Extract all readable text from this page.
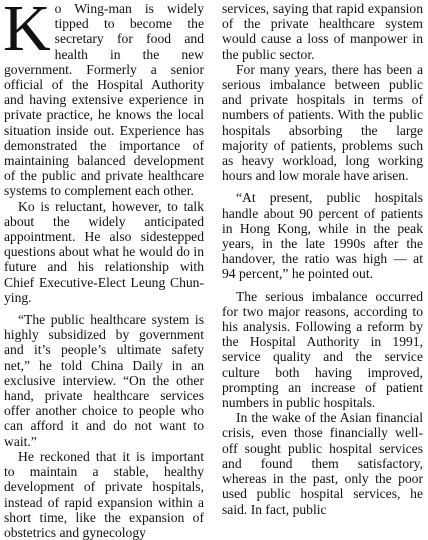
Ko Wing-man is widely tipped to become the secretary for food and health in the new government. Formerly a senior official of the Hospital Authority and having extensive experience in private practice, he knows the local situation inside out. Experience has demonstrated the importance of maintaining balanced development of the public and private healthcare systems to complement each other.

Ko is reluctant, however, to talk about the widely anticipated appointment. He also sidestepped questions about what he would do in future and his relationship with Chief Executive-Elect Leung Chun-ying.

“The public healthcare system is highly subsidized by government and it’s people’s ultimate safety net,” he told China Daily in an exclusive interview. “On the other hand, private healthcare services offer another choice to people who can afford it and do not want to wait.”

He reckoned that it is important to maintain a stable, healthy development of private hospitals, instead of rapid expansion within a short time, like the expansion of obstetrics and gynecology

services, saying that rapid expansion of the private healthcare system would cause a loss of manpower in the public sector.

For many years, there has been a serious imbalance between public and private hospitals in terms of numbers of patients. With the public hospitals absorbing the large majority of patients, problems such as heavy workload, long working hours and low morale have arisen.

“At present, public hospitals handle about 90 percent of patients in Hong Kong, while in the peak years, in the late 1990s after the handover, the ratio was high — at 94 percent,” he pointed out.

The serious imbalance occurred for two major reasons, according to his analysis. Following a reform by the Hospital Authority in 1991, service quality and the service culture both having improved, prompting an increase of patient numbers in public hospitals.

In the wake of the Asian financial crisis, even those financially well-off sought public hospital services and found them satisfactory, whereas in the past, only the poor used public hospital services, he said. In fact, public
